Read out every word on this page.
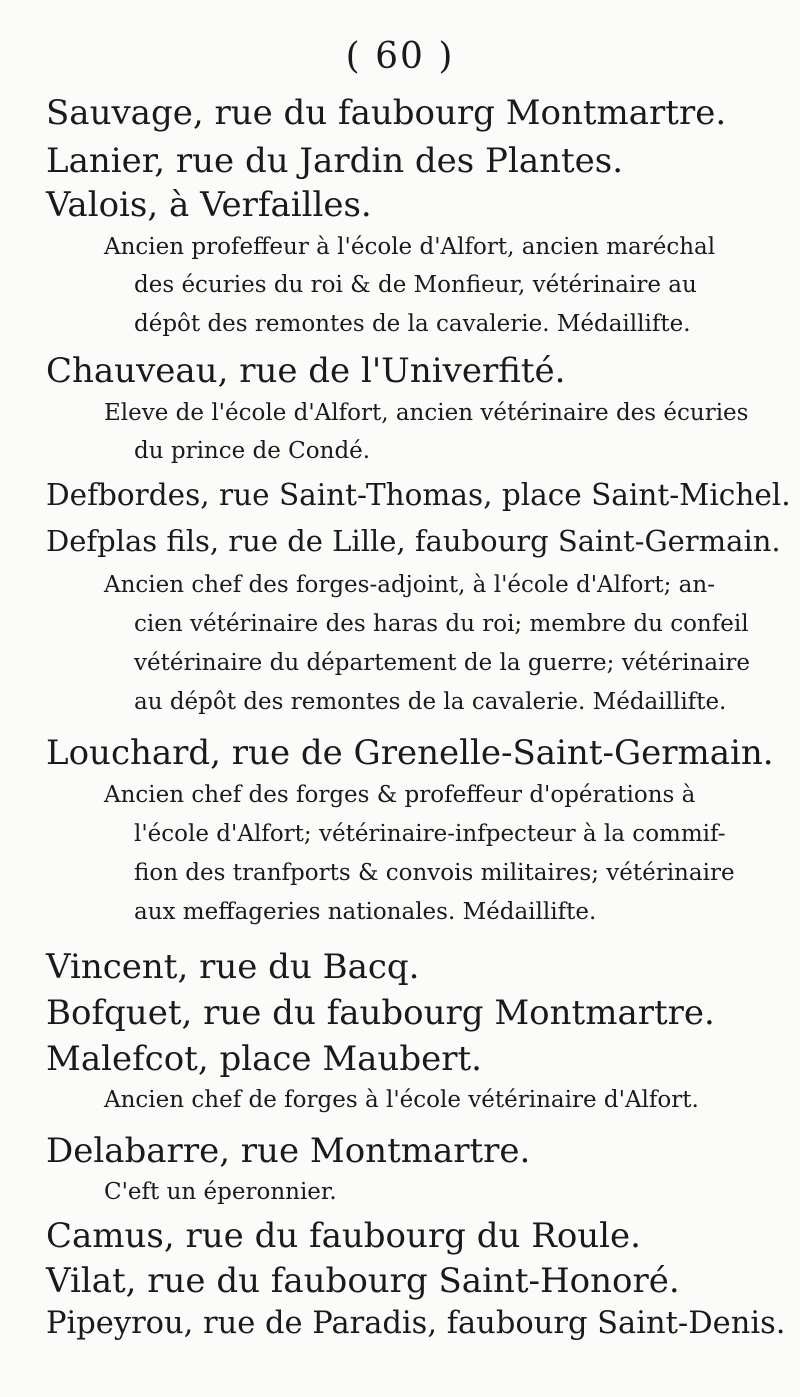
( 60 )
Sauvage, rue du faubourg Montmartre.
Lanier, rue du Jardin des Plantes.
Valois, à Verfailles.
Ancien profeffeur à l'école d'Alfort, ancien maréchal
des écuries du roi & de Monfieur, vétérinaire au
dépôt des remontes de la cavalerie. Médaillifte.
Chauveau, rue de l'Univerfité.
Eleve de l'école d'Alfort, ancien vétérinaire des écuries
du prince de Condé.
Defbordes, rue Saint-Thomas, place Saint-Michel.
Defplas fils, rue de Lille, faubourg Saint-Germain.
Ancien chef des forges-adjoint, à l'école d'Alfort; an-
cien vétérinaire des haras du roi; membre du confeil
vétérinaire du département de la guerre; vétérinaire
au dépôt des remontes de la cavalerie. Médaillifte.
Louchard, rue de Grenelle-Saint-Germain.
Ancien chef des forges & profeffeur d'opérations à
l'école d'Alfort; vétérinaire-infpecteur à la commif-
fion des tranfports & convois militaires; vétérinaire
aux meffageries nationales. Médaillifte.
Vincent, rue du Bacq.
Bofquet, rue du faubourg Montmartre.
Malefcot, place Maubert.
Ancien chef de forges à l'école vétérinaire d'Alfort.
Delabarre, rue Montmartre.
C'eft un éperonnier.
Camus, rue du faubourg du Roule.
Vilat, rue du faubourg Saint-Honoré.
Pipeyrou, rue de Paradis, faubourg Saint-Denis.
